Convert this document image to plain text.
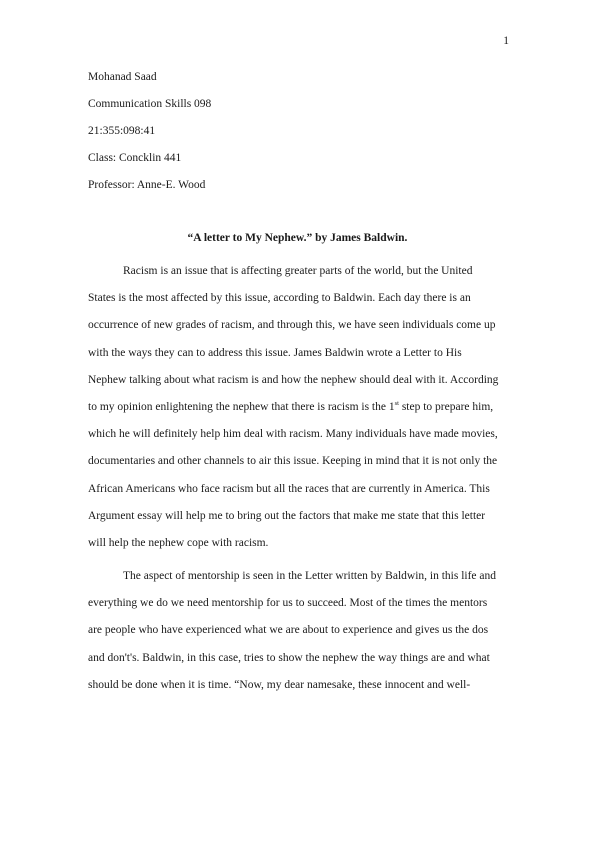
1
Mohanad Saad
Communication Skills 098
21:355:098:41
Class: Concklin 441
Professor: Anne-E. Wood
“A letter to My Nephew.” by James Baldwin.
Racism is an issue that is affecting greater parts of the world, but the United
States is the most affected by this issue, according to Baldwin. Each day there is an
occurrence of new grades of racism, and through this, we have seen individuals come up
with the ways they can to address this issue. James Baldwin wrote a Letter to His
Nephew talking about what racism is and how the nephew should deal with it. According
to my opinion enlightening the nephew that there is racism is the 1st step to prepare him,
which he will definitely help him deal with racism. Many individuals have made movies,
documentaries and other channels to air this issue. Keeping in mind that it is not only the
African Americans who face racism but all the races that are currently in America. This
Argument essay will help me to bring out the factors that make me state that this letter
will help the nephew cope with racism.
The aspect of mentorship is seen in the Letter written by Baldwin, in this life and
everything we do we need mentorship for us to succeed. Most of the times the mentors
are people who have experienced what we are about to experience and gives us the dos
and don't's. Baldwin, in this case, tries to show the nephew the way things are and what
should be done when it is time. “Now, my dear namesake, these innocent and well-
